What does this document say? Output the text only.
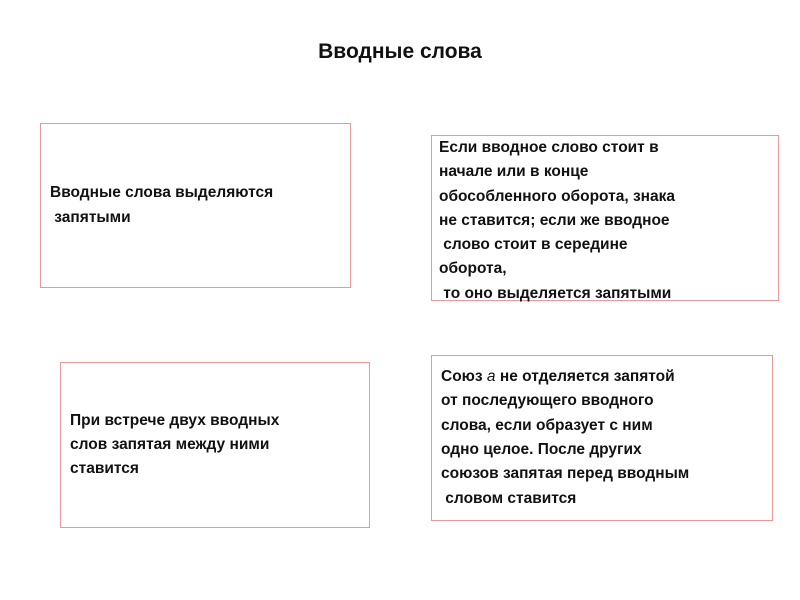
Вводные слова
Вводные слова выделяются
запятыми
Если вводное слово стоит в
начале или в конце
обособленного оборота, знака
не ставится; если же вводное
слово стоит в середине
оборота,
то оно выделяется запятыми
При встрече двух вводных
слов запятая между ними
ставится
Союз а не отделяется запятой
от последующего вводного
слова, если образует с ним
одно целое. После других
союзов запятая перед вводным
словом ставится
